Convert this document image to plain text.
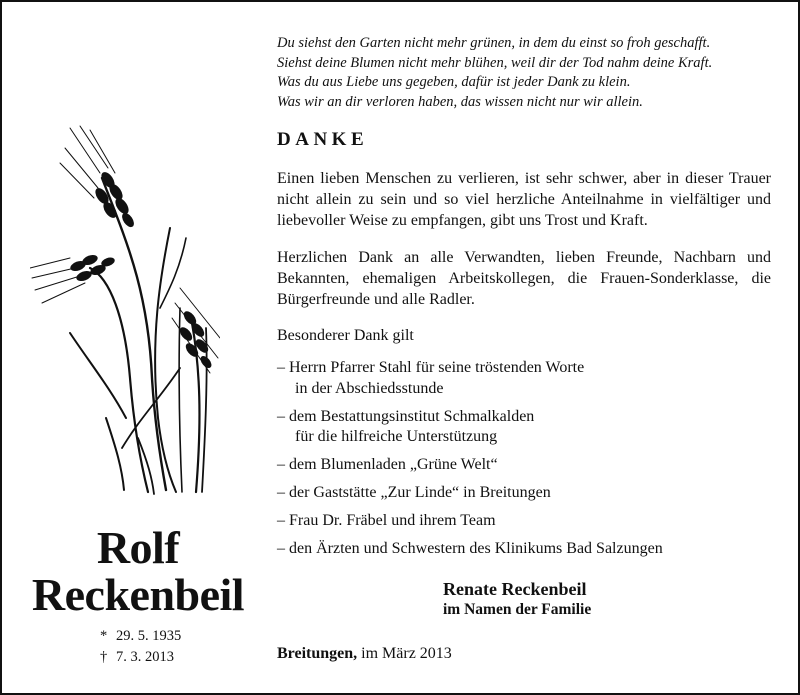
Du siehst den Garten nicht mehr grünen, in dem du einst so froh geschafft.
Siehst deine Blumen nicht mehr blühen, weil dir der Tod nahm deine Kraft.
Was du aus Liebe uns gegeben, dafür ist jeder Dank zu klein.
Was wir an dir verloren haben, das wissen nicht nur wir allein.
DANKE
Einen lieben Menschen zu verlieren, ist sehr schwer, aber in dieser Trauer nicht allein zu sein und so viel herzliche Anteilnahme in vielfältiger und liebevoller Weise zu empfangen, gibt uns Trost und Kraft.
Herzlichen Dank an alle Verwandten, lieben Freunde, Nachbarn und Bekannten, ehemaligen Arbeitskollegen, die Frauen-Sonderklasse, die Bürgerfreunde und alle Radler.
Besonderer Dank gilt
– Herrn Pfarrer Stahl für seine tröstenden Worte
in der Abschiedsstunde
– dem Bestattungsinstitut Schmalkalden
für die hilfreiche Unterstützung
– dem Blumenladen „Grüne Welt“
– der Gaststätte „Zur Linde“ in Breitungen
– Frau Dr. Fräbel und ihrem Team
– den Ärzten und Schwestern des Klinikums Bad Salzungen
Renate Reckenbeil
im Namen der Familie
Breitungen, im März 2013
Rolf
Reckenbeil
* 29. 5. 1935
† 7. 3. 2013
